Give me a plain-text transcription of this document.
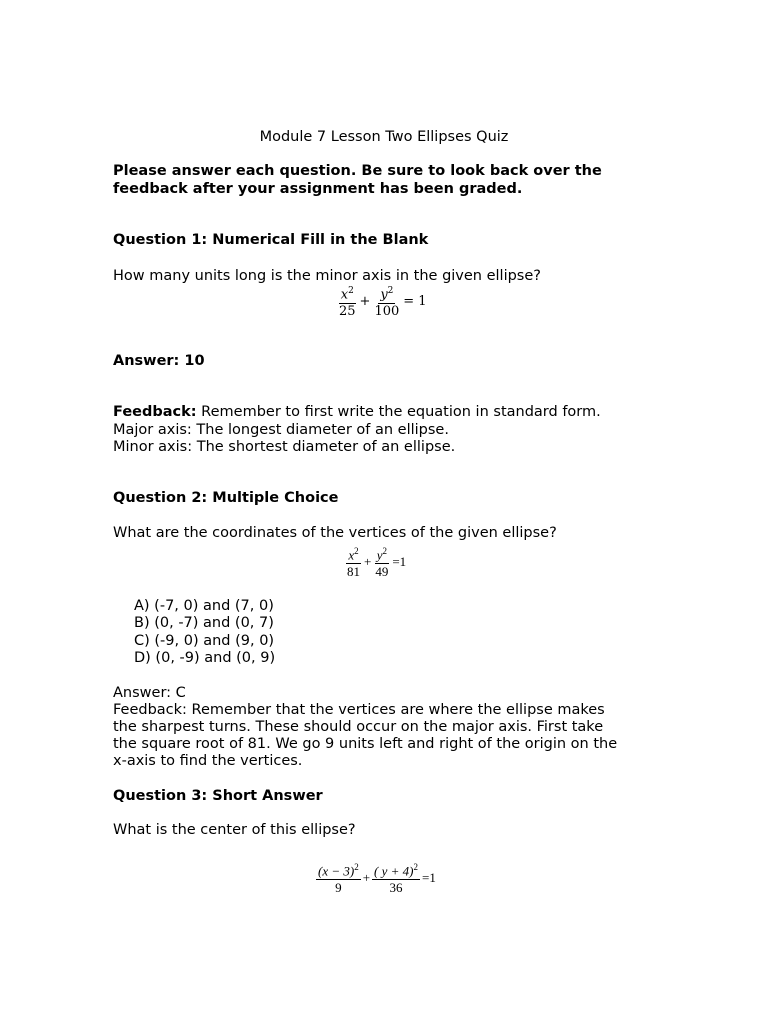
Module 7 Lesson Two Ellipses Quiz
Please answer each question. Be sure to look back over the
feedback after your assignment has been graded.
Question 1: Numerical Fill in the Blank
How many units long is the minor axis in the given ellipse?
$\frac{x^2}{25} + \frac{y^2}{100} = 1$
Answer: 10
Feedback: Remember to first write the equation in standard form.
Major axis: The longest diameter of an ellipse.
Minor axis: The shortest diameter of an ellipse.
Question 2: Multiple Choice
What are the coordinates of the vertices of the given ellipse?
$\frac{x^2}{81} + \frac{y^2}{49} =1$
A) (-7, 0) and (7, 0)
B) (0, -7) and (0, 7)
C) (-9, 0) and (9, 0)
D) (0, -9) and (0, 9)
Answer: C
Feedback: Remember that the vertices are where the ellipse makes
the sharpest turns. These should occur on the major axis. First take
the square root of 81. We go 9 units left and right of the origin on the
x-axis to find the vertices.
Question 3: Short Answer
What is the center of this ellipse?
$\frac{(x - 3)^2}{9} + \frac{( y + 4)^2}{36} =1$
